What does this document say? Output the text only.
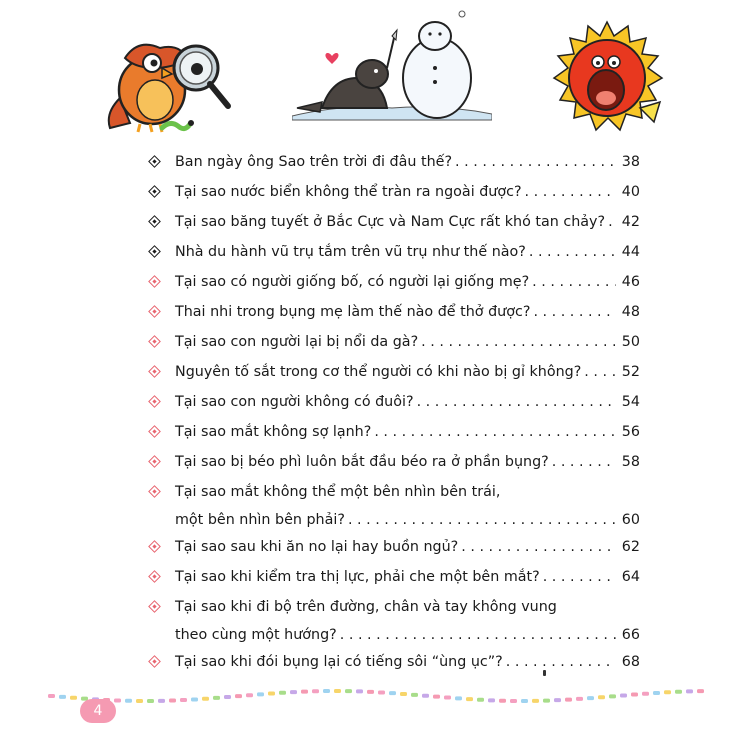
Ban ngày ông Sao trên trời đi đâu thế? . . .	38
Tại sao nước biển không thể tràn ra ngoài được? . . .	40
Tại sao băng tuyết ở Bắc Cực và Nam Cực rất khó tan chảy? . . . 42
Nhà du hành vũ trụ tắm trên vũ trụ như thế nào? . . .	44
Tại sao có người giống bố, có người lại giống mẹ? . . .	46
Thai nhi trong bụng mẹ làm thế nào để thở được? . . .	48
Tại sao con người lại bị nổi da gà? . . .	50
Nguyên tố sắt trong cơ thể người có khi nào bị gỉ không? . . .	52
Tại sao con người không có đuôi? . . .	54
Tại sao mắt không sợ lạnh? . . .	56
Tại sao bị béo phì luôn bắt đầu béo ra ở phần bụng? . . .	58
Tại sao mắt không thể một bên nhìn bên trái,
một bên nhìn bên phải? . . .	60
Tại sao sau khi ăn no lại hay buồn ngủ? . . .	62
Tại sao khi kiểm tra thị lực, phải che một bên mắt? . . .	64
Tại sao khi đi bộ trên đường, chân và tay không vung
theo cùng một hướng? . . .	66
Tại sao khi đói bụng lại có tiếng sôi “ùng ục”? . . .	68
4
